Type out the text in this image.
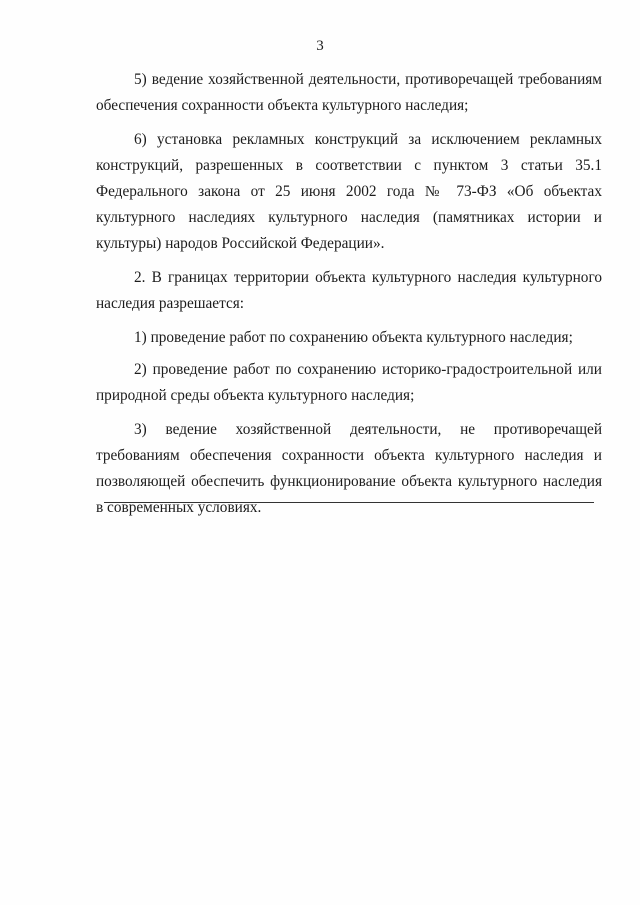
3

5) ведение хозяйственной деятельности, противоречащей требованиям обеспечения сохранности объекта культурного наследия;

6) установка рекламных конструкций за исключением рекламных конструкций, разрешенных в соответствии с пунктом 3 статьи 35.1 Федерального закона от 25 июня 2002 года № 73-ФЗ «Об объектах культурного наследиях культурного наследия (памятниках истории и культуры) народов Российской Федерации».

2. В границах территории объекта культурного наследия культурного наследия разрешается:

1) проведение работ по сохранению объекта культурного наследия;

2) проведение работ по сохранению историко-градостроительной или природной среды объекта культурного наследия;

3) ведение хозяйственной деятельности, не противоречащей требованиям обеспечения сохранности объекта культурного наследия и позволяющей обеспечить функционирование объекта культурного наследия в современных условиях.
